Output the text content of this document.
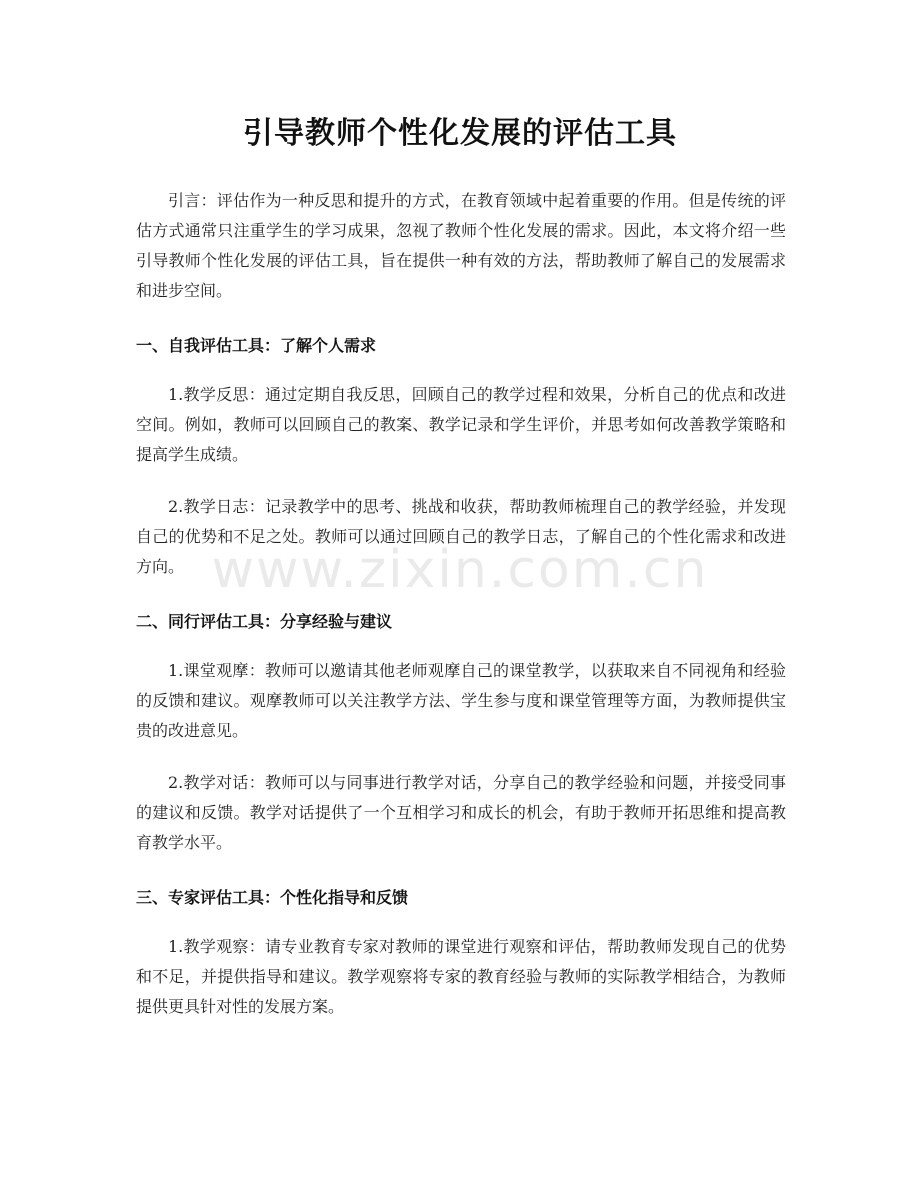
引导教师个性化发展的评估工具
www.zixin.com.cn

引言：评估作为一种反思和提升的方式，在教育领域中起着重要的作用。但是传统的评估方式通常只注重学生的学习成果，忽视了教师个性化发展的需求。因此，本文将介绍一些引导教师个性化发展的评估工具，旨在提供一种有效的方法，帮助教师了解自己的发展需求和进步空间。

一、自我评估工具：了解个人需求

1.教学反思：通过定期自我反思，回顾自己的教学过程和效果，分析自己的优点和改进空间。例如，教师可以回顾自己的教案、教学记录和学生评价，并思考如何改善教学策略和提高学生成绩。

2.教学日志：记录教学中的思考、挑战和收获，帮助教师梳理自己的教学经验，并发现自己的优势和不足之处。教师可以通过回顾自己的教学日志，了解自己的个性化需求和改进方向。

二、同行评估工具：分享经验与建议

1.课堂观摩：教师可以邀请其他老师观摩自己的课堂教学，以获取来自不同视角和经验的反馈和建议。观摩教师可以关注教学方法、学生参与度和课堂管理等方面，为教师提供宝贵的改进意见。

2.教学对话：教师可以与同事进行教学对话，分享自己的教学经验和问题，并接受同事的建议和反馈。教学对话提供了一个互相学习和成长的机会，有助于教师开拓思维和提高教育教学水平。

三、专家评估工具：个性化指导和反馈

1.教学观察：请专业教育专家对教师的课堂进行观察和评估，帮助教师发现自己的优势和不足，并提供指导和建议。教学观察将专家的教育经验与教师的实际教学相结合，为教师提供更具针对性的发展方案。
